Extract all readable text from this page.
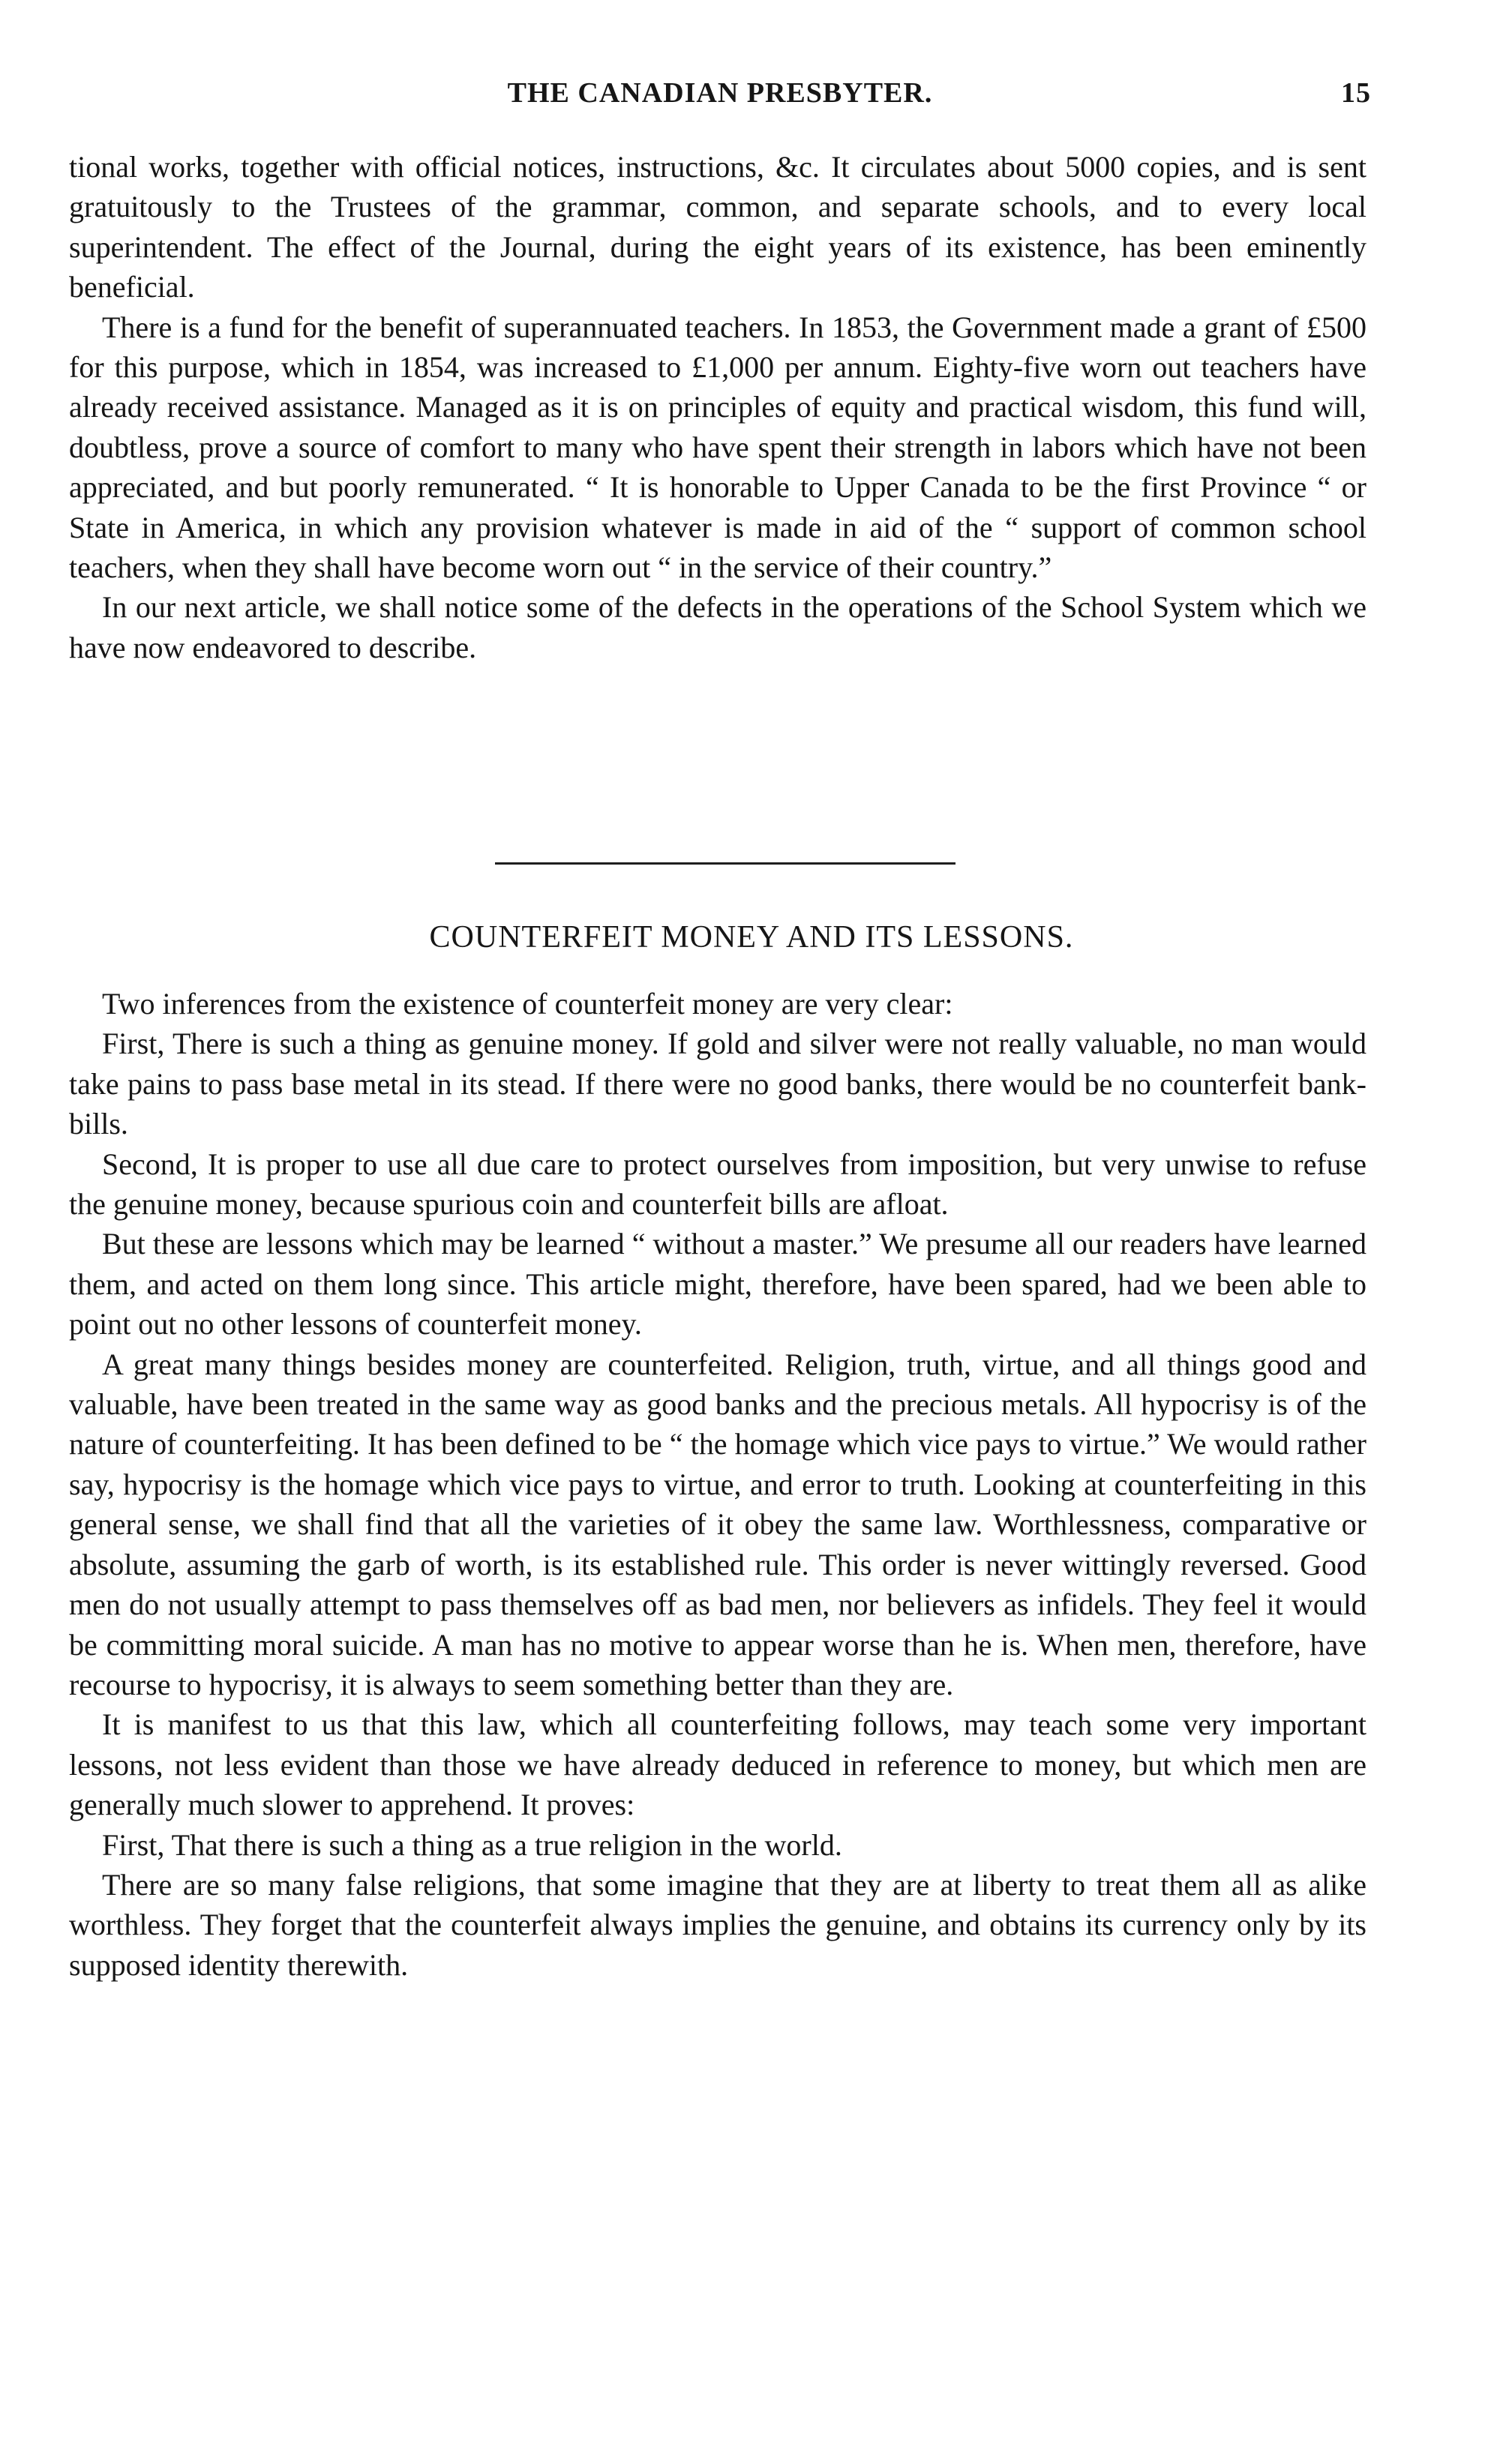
THE CANADIAN PRESBYTER.	15

tional works, together with official notices, instructions, &c. It circulates about 5000 copies, and is sent gratuitously to the Trustees of the grammar, common, and separate schools, and to every local superintendent. The effect of the Journal, during the eight years of its existence, has been eminently beneficial.

There is a fund for the benefit of superannuated teachers. In 1853, the Government made a grant of £500 for this purpose, which in 1854, was increased to £1,000 per annum. Eighty-five worn out teachers have already received assistance. Managed as it is on principles of equity and practical wisdom, this fund will, doubtless, prove a source of comfort to many who have spent their strength in labors which have not been appreciated, and but poorly remunerated. “ It is honorable to Upper Canada to be the first Province “ or State in America, in which any provision whatever is made in aid of the “ support of common school teachers, when they shall have become worn out “ in the service of their country.”

In our next article, we shall notice some of the defects in the operations of the School System which we have now endeavored to describe.

COUNTERFEIT MONEY AND ITS LESSONS.

Two inferences from the existence of counterfeit money are very clear:

First, There is such a thing as genuine money. If gold and silver were not really valuable, no man would take pains to pass base metal in its stead. If there were no good banks, there would be no counterfeit bank-bills.

Second, It is proper to use all due care to protect ourselves from imposition, but very unwise to refuse the genuine money, because spurious coin and counterfeit bills are afloat.

But these are lessons which may be learned “ without a master.” We presume all our readers have learned them, and acted on them long since. This article might, therefore, have been spared, had we been able to point out no other lessons of counterfeit money.

A great many things besides money are counterfeited. Religion, truth, virtue, and all things good and valuable, have been treated in the same way as good banks and the precious metals. All hypocrisy is of the nature of counterfeiting. It has been defined to be “ the homage which vice pays to virtue.” We would rather say, hypocrisy is the homage which vice pays to virtue, and error to truth. Looking at counterfeiting in this general sense, we shall find that all the varieties of it obey the same law. Worthlessness, comparative or absolute, assuming the garb of worth, is its established rule. This order is never wittingly reversed. Good men do not usually attempt to pass themselves off as bad men, nor believers as infidels. They feel it would be committing moral suicide. A man has no motive to appear worse than he is. When men, therefore, have recourse to hypocrisy, it is always to seem something better than they are.

It is manifest to us that this law, which all counterfeiting follows, may teach some very important lessons, not less evident than those we have already deduced in reference to money, but which men are generally much slower to apprehend. It proves:

First, That there is such a thing as a true religion in the world.

There are so many false religions, that some imagine that they are at liberty to treat them all as alike worthless. They forget that the counterfeit always implies the genuine, and obtains its currency only by its supposed identity therewith.
